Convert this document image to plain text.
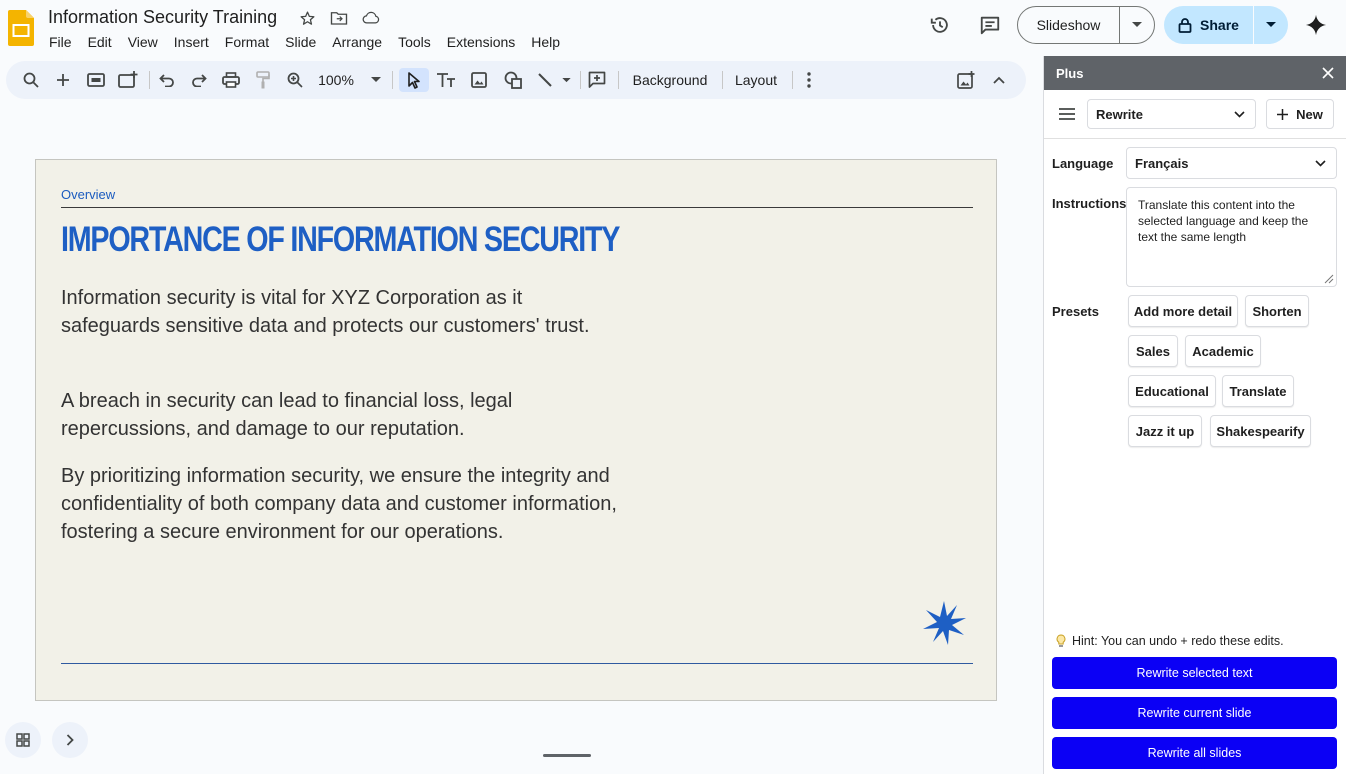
Information Security Training
File	Edit	View	Insert	Format	Slide	Arrange	Tools	Extensions	Help
Slideshow	Share
100%	Background	Layout
Overview
IMPORTANCE OF INFORMATION SECURITY
Information security is vital for XYZ Corporation as it safeguards sensitive data and protects our customers' trust.
A breach in security can lead to financial loss, legal repercussions, and damage to our reputation.
By prioritizing information security, we ensure the integrity and confidentiality of both company data and customer information, fostering a secure environment for our operations.
Plus
Rewrite	New
Language Français
Instructions Translate this content into the selected language and keep the text the same length
Presets	Add more detail	Shorten
Sales	Academic
Educational	Translate
Jazz it up	Shakespearify
Hint: You can undo + redo these edits.
Rewrite selected text
Rewrite current slide
Rewrite all slides
